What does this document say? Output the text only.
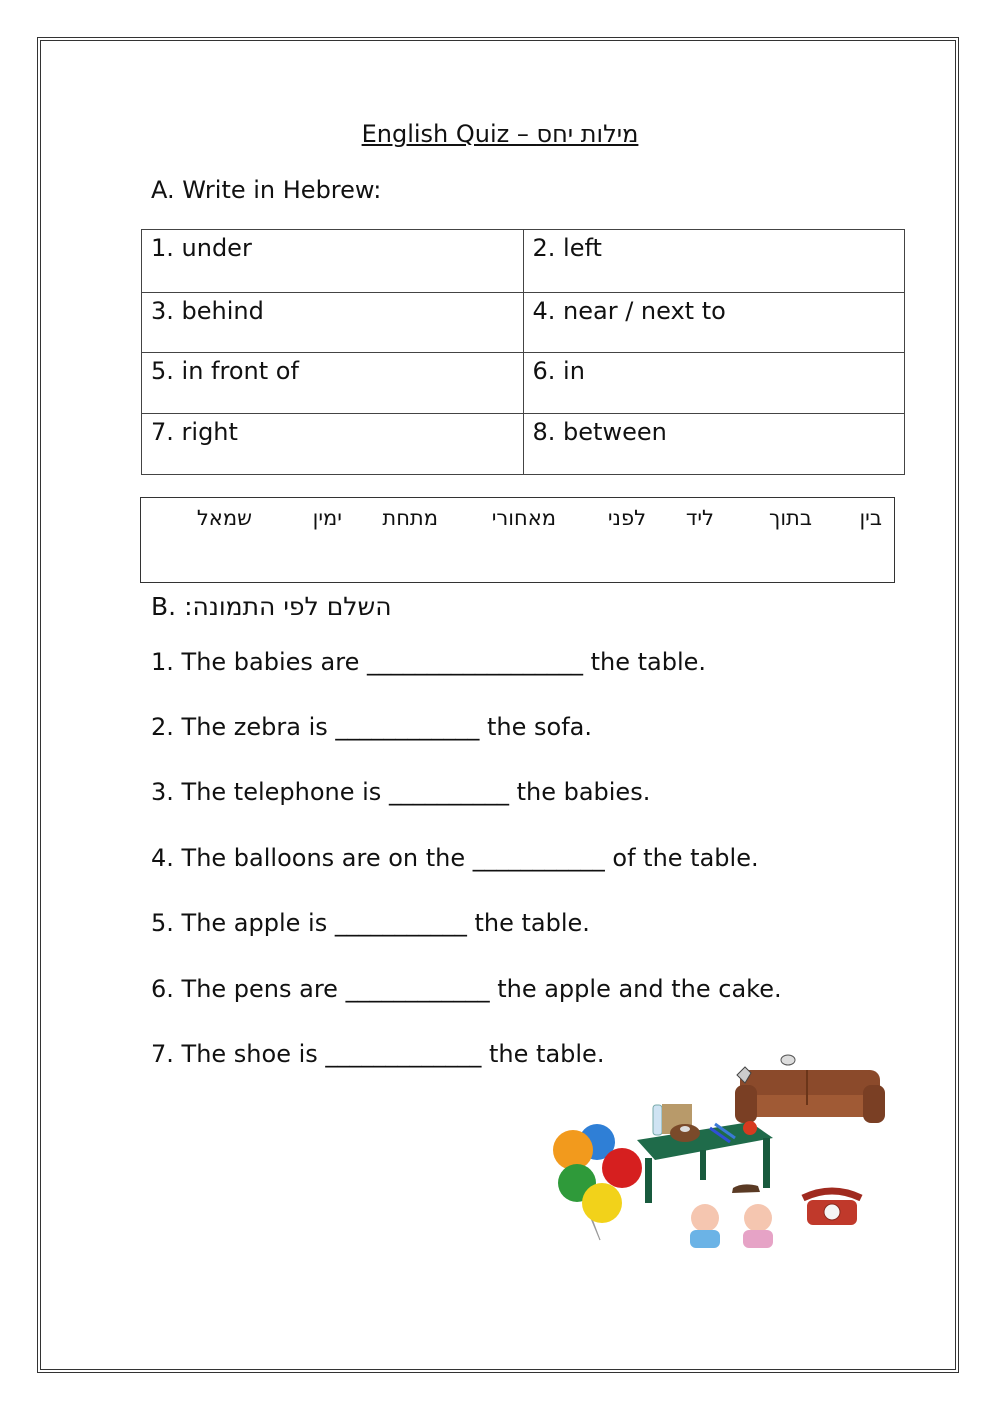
English Quiz – מילות יחס
A. Write in Hebrew:
1. under	2. left
3. behind	4. near / next to
5. in front of	6. in
7. right	8. between
בין
בתוך
ליד
לפני
מאחורי
מתחת
ימין
שמאל
B. השלם לפי התמונה:
1. The babies are __________________ the table.
2. The zebra is ____________ the sofa.
3. The telephone is __________ the babies.
4. The balloons are on the ___________ of the table.
5. The apple is ___________ the table.
6. The pens are ____________ the apple and the cake.
7. The shoe is _____________ the table.
